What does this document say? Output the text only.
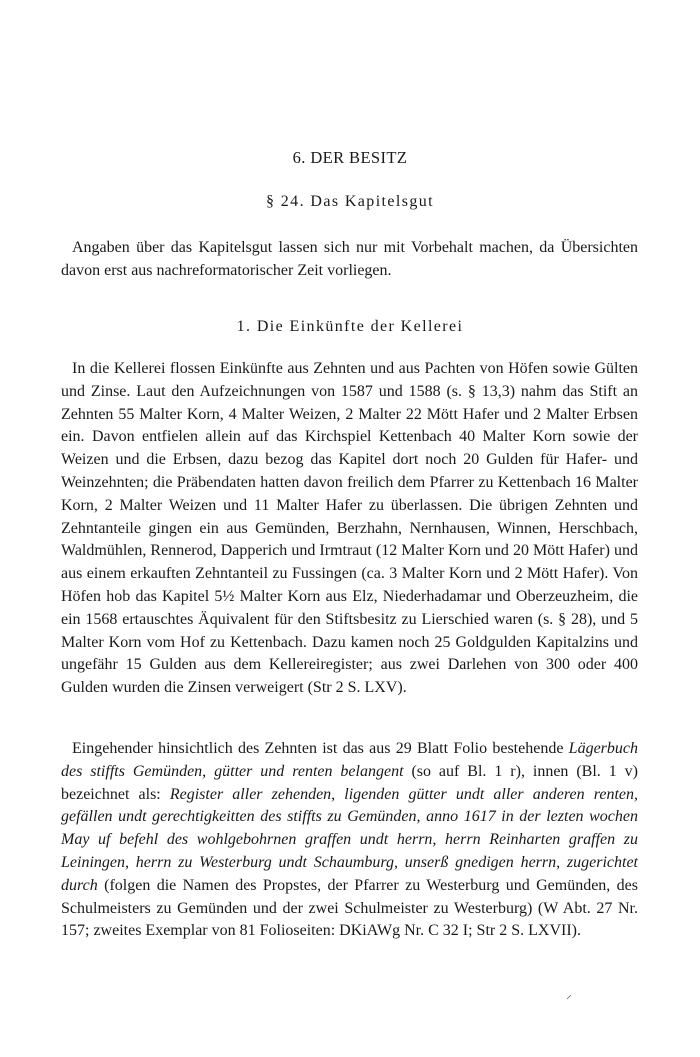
6. DER BESITZ
§ 24. Das Kapitelsgut

Angaben über das Kapitelsgut lassen sich nur mit Vorbehalt machen, da Übersichten davon erst aus nachreformatorischer Zeit vorliegen.

1. Die Einkünfte der Kellerei

In die Kellerei flossen Einkünfte aus Zehnten und aus Pachten von Höfen sowie Gülten und Zinse. Laut den Aufzeichnungen von 1587 und 1588 (s. § 13,3) nahm das Stift an Zehnten 55 Malter Korn, 4 Malter Weizen, 2 Malter 22 Mött Hafer und 2 Malter Erbsen ein. Davon entfielen allein auf das Kirchspiel Kettenbach 40 Malter Korn sowie der Weizen und die Erbsen, dazu bezog das Kapitel dort noch 20 Gulden für Hafer- und Weinzehnten; die Präbendaten hatten davon freilich dem Pfarrer zu Kettenbach 16 Malter Korn, 2 Malter Weizen und 11 Malter Hafer zu überlassen. Die übrigen Zehnten und Zehntanteile gingen ein aus Gemünden, Berzhahn, Nernhausen, Winnen, Herschbach, Waldmühlen, Rennerod, Dapperich und Irmtraut (12 Malter Korn und 20 Mött Hafer) und aus einem erkauften Zehntanteil zu Fussingen (ca. 3 Malter Korn und 2 Mött Hafer). Von Höfen hob das Kapitel 5½ Malter Korn aus Elz, Niederhadamar und Oberzeuzheim, die ein 1568 ertauschtes Äquivalent für den Stiftsbesitz zu Lierschied waren (s. § 28), und 5 Malter Korn vom Hof zu Kettenbach. Dazu kamen noch 25 Goldgulden Kapitalzins und ungefähr 15 Gulden aus dem Kellereiregister; aus zwei Darlehen von 300 oder 400 Gulden wurden die Zinsen verweigert (Str 2 S. LXV).

Eingehender hinsichtlich des Zehnten ist das aus 29 Blatt Folio bestehende Lägerbuch des stiffts Gemünden, gütter und renten belangent (so auf Bl. 1 r), innen (Bl. 1 v) bezeichnet als: Register aller zehenden, ligenden gütter undt aller anderen renten, gefällen undt gerechtigkeitten des stiffts zu Gemünden, anno 1617 in der lezten wochen May uf befehl des wohlgebohrnen graffen undt herrn, herrn Reinharten graffen zu Leiningen, herrn zu Westerburg undt Schaumburg, unserß gnedigen herrn, zugerichtet durch (folgen die Namen des Propstes, der Pfarrer zu Westerburg und Gemünden, des Schulmeisters zu Gemünden und der zwei Schulmeister zu Westerburg) (W Abt. 27 Nr. 157; zweites Exemplar von 81 Folioseiten: DKiAWg Nr. C 32 I; Str 2 S. LXVII).
